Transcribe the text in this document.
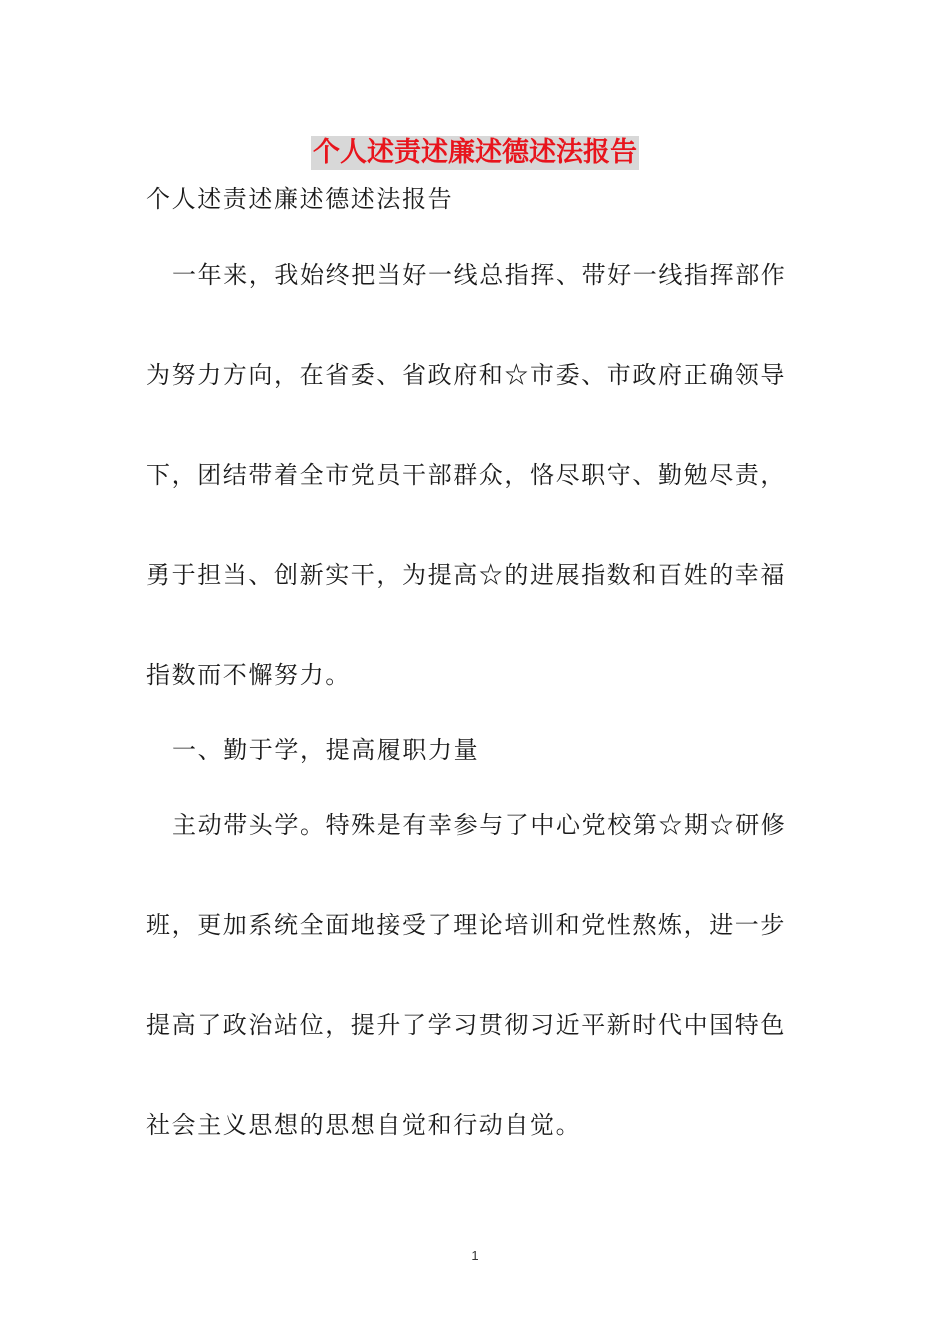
个人述责述廉述德述法报告

个人述责述廉述德述法报告

一年来，我始终把当好一线总指挥、带好一线指挥部作

为努力方向，在省委、省政府和☆市委、市政府正确领导

下，团结带着全市党员干部群众，恪尽职守、勤勉尽责，

勇于担当、创新实干，为提高☆的进展指数和百姓的幸福

指数而不懈努力。

一、勤于学，提高履职力量

主动带头学。特殊是有幸参与了中心党校第☆期☆研修

班，更加系统全面地接受了理论培训和党性熬炼，进一步

提高了政治站位，提升了学习贯彻习近平新时代中国特色

社会主义思想的思想自觉和行动自觉。

1
